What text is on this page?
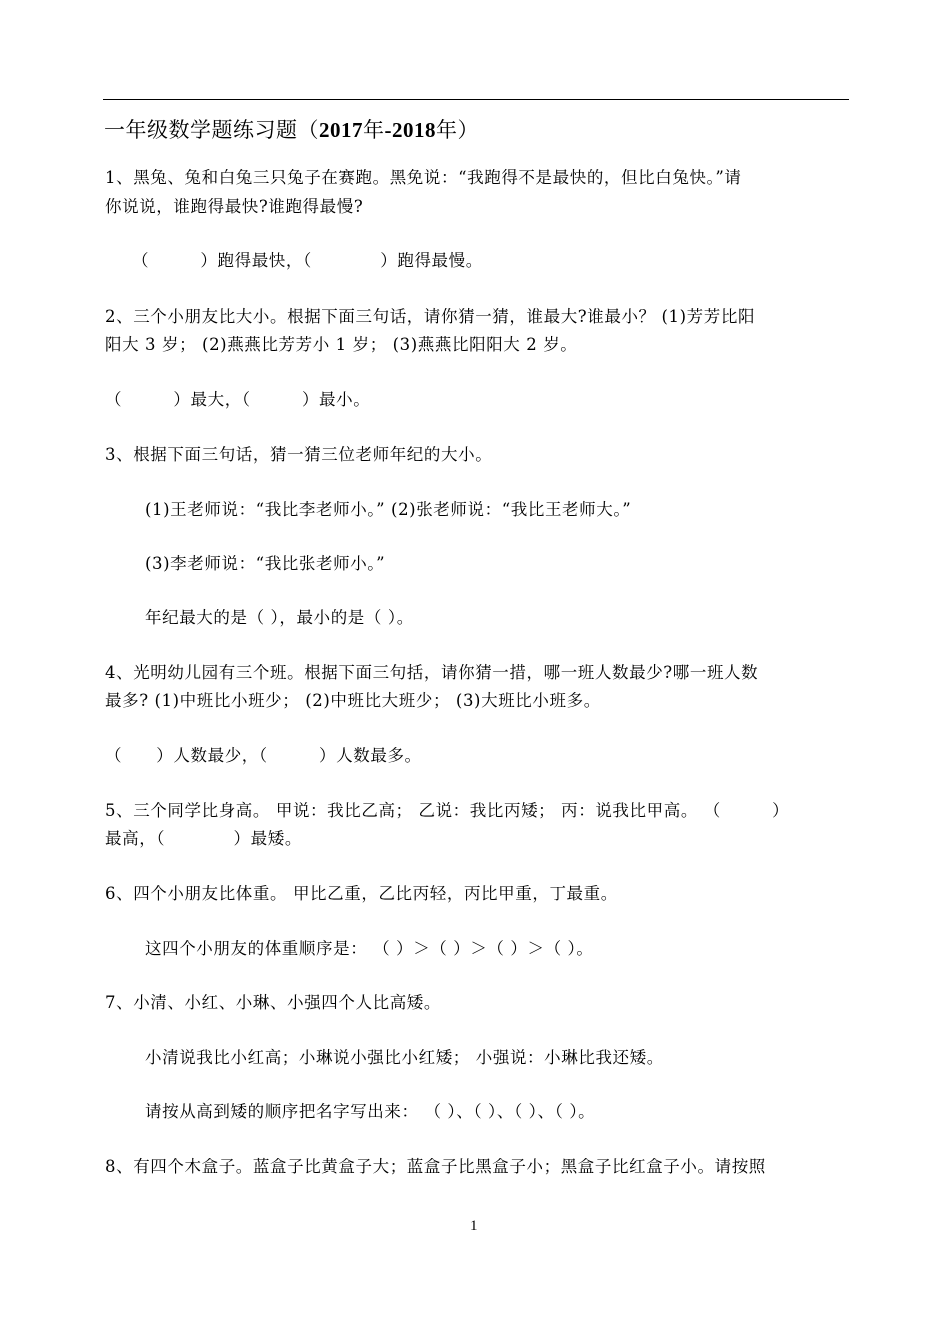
一年级数学题练习题（2017年-2018年）
1、黑兔、兔和白兔三只兔子在赛跑。黑免说：“我跑得不是最快的，但比白兔快。”请
你说说，谁跑得最快?谁跑得最慢?
（　　　）跑得最快，（　　　　）跑得最慢。
2、三个小朋友比大小。根据下面三句话，请你猜一猜，谁最大?谁最小？ (1)芳芳比阳
阳大 3 岁； (2)燕燕比芳芳小 1 岁； (3)燕燕比阳阳大 2 岁。
（　　　）最大，（　　　）最小。
3、根据下面三句话，猜一猜三位老师年纪的大小。
(1)王老师说：“我比李老师小。” (2)张老师说：“我比王老师大。”
(3)李老师说：“我比张老师小。”
年纪最大的是（ ），最小的是（ ）。
4、光明幼儿园有三个班。根据下面三句括，请你猜一措，哪一班人数最少?哪一班人数
最多? (1)中班比小班少； (2)中班比大班少； (3)大班比小班多。
（　　）人数最少，（　　　）人数最多。
5、三个同学比身高。 甲说：我比乙高； 乙说：我比丙矮； 丙：说我比甲高。 （　　　）
最高，（　　　　）最矮。
6、四个小朋友比体重。 甲比乙重，乙比丙轻，丙比甲重，丁最重。
这四个小朋友的体重顺序是： （ ）＞（ ）＞（ ）＞（ ）。
7、小清、小红、小琳、小强四个人比高矮。
小清说我比小红高；小琳说小强比小红矮； 小强说：小琳比我还矮。
请按从高到矮的顺序把名字写出来： （ ）、（ ）、（ ）、（ ）。
8、有四个木盒子。蓝盒子比黄盒子大；蓝盒子比黑盒子小；黑盒子比红盒子小。请按照
1
